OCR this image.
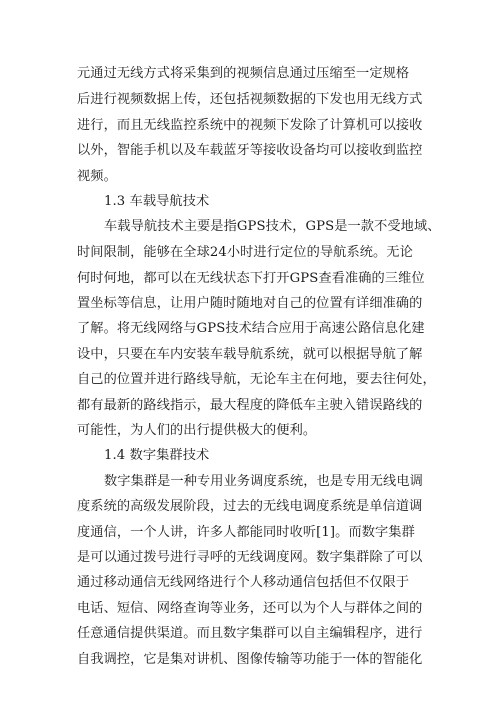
元通过无线方式将采集到的视频信息通过压缩至一定规格
后进行视频数据上传，还包括视频数据的下发也用无线方式
进行，而且无线监控系统中的视频下发除了计算机可以接收
以外，智能手机以及车载蓝牙等接收设备均可以接收到监控
视频。
1.3 车载导航技术
车载导航技术主要是指GPS技术，GPS是一款不受地域、
时间限制，能够在全球24小时进行定位的导航系统。无论
何时何地，都可以在无线状态下打开GPS查看准确的三维位
置坐标等信息，让用户随时随地对自己的位置有详细准确的
了解。将无线网络与GPS技术结合应用于高速公路信息化建
设中，只要在车内安装车载导航系统，就可以根据导航了解
自己的位置并进行路线导航，无论车主在何地，要去往何处，
都有最新的路线指示，最大程度的降低车主驶入错误路线的
可能性，为人们的出行提供极大的便利。
1.4 数字集群技术
数字集群是一种专用业务调度系统，也是专用无线电调
度系统的高级发展阶段，过去的无线电调度系统是单信道调
度通信，一个人讲，许多人都能同时收听[1]。而数字集群
是可以通过拨号进行寻呼的无线调度网。数字集群除了可以
通过移动通信无线网络进行个人移动通信包括但不仅限于
电话、短信、网络查询等业务，还可以为个人与群体之间的
任意通信提供渠道。而且数字集群可以自主编辑程序，进行
自我调控，它是集对讲机、图像传输等功能于一体的智能化
